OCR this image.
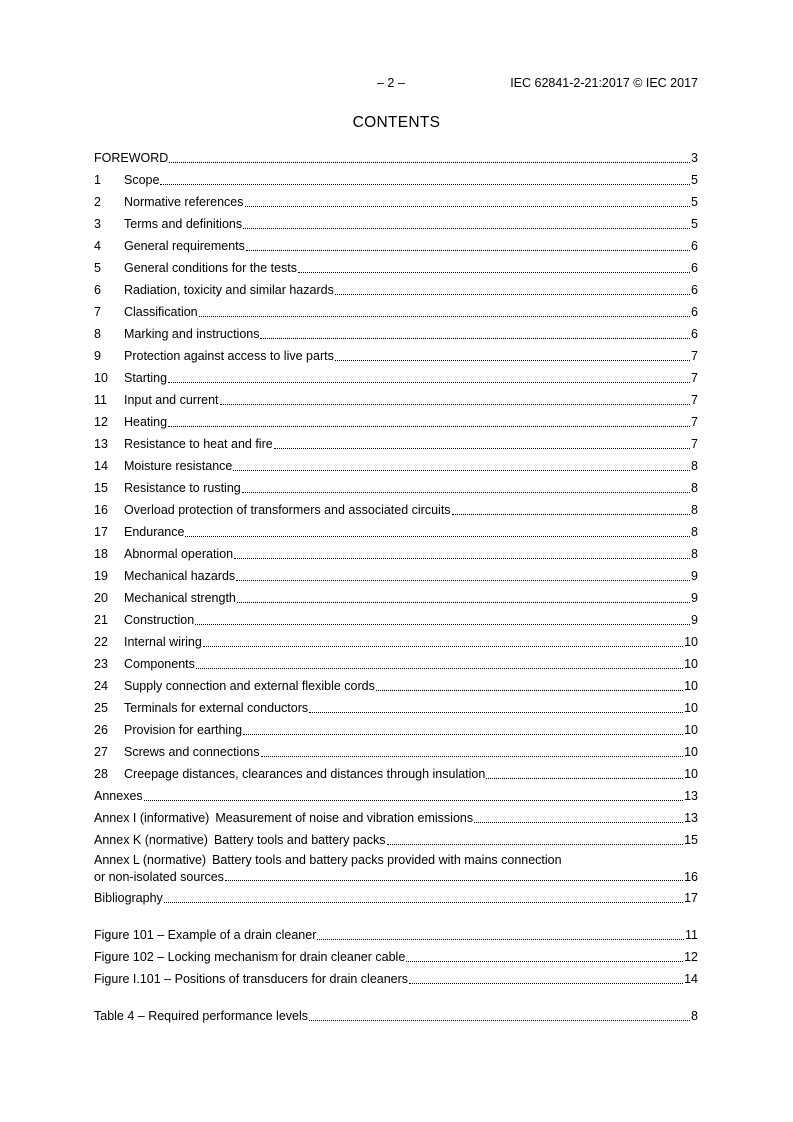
– 2 –	IEC 62841-2-21:2017 © IEC 2017
CONTENTS
FOREWORD	3
1	Scope	5
2	Normative references	5
3	Terms and definitions	5
4	General requirements	6
5	General conditions for the tests	6
6	Radiation, toxicity and similar hazards	6
7	Classification	6
8	Marking and instructions	6
9	Protection against access to live parts	7
10	Starting	7
11	Input and current	7
12	Heating	7
13	Resistance to heat and fire	7
14	Moisture resistance	8
15	Resistance to rusting	8
16	Overload protection of transformers and associated circuits	8
17	Endurance	8
18	Abnormal operation	8
19	Mechanical hazards	9
20	Mechanical strength	9
21	Construction	9
22	Internal wiring	10
23	Components	10
24	Supply connection and external flexible cords	10
25	Terminals for external conductors	10
26	Provision for earthing	10
27	Screws and connections	10
28	Creepage distances, clearances and distances through insulation	10
Annexes	13
Annex I (informative) Measurement of noise and vibration emissions	13
Annex K (normative) Battery tools and battery packs	15
Annex L (normative) Battery tools and battery packs provided with mains connection
or non-isolated sources	16
Bibliography	17
Figure 101 – Example of a drain cleaner	11
Figure 102 – Locking mechanism for drain cleaner cable	12
Figure I.101 – Positions of transducers for drain cleaners	14
Table 4 – Required performance levels	8
